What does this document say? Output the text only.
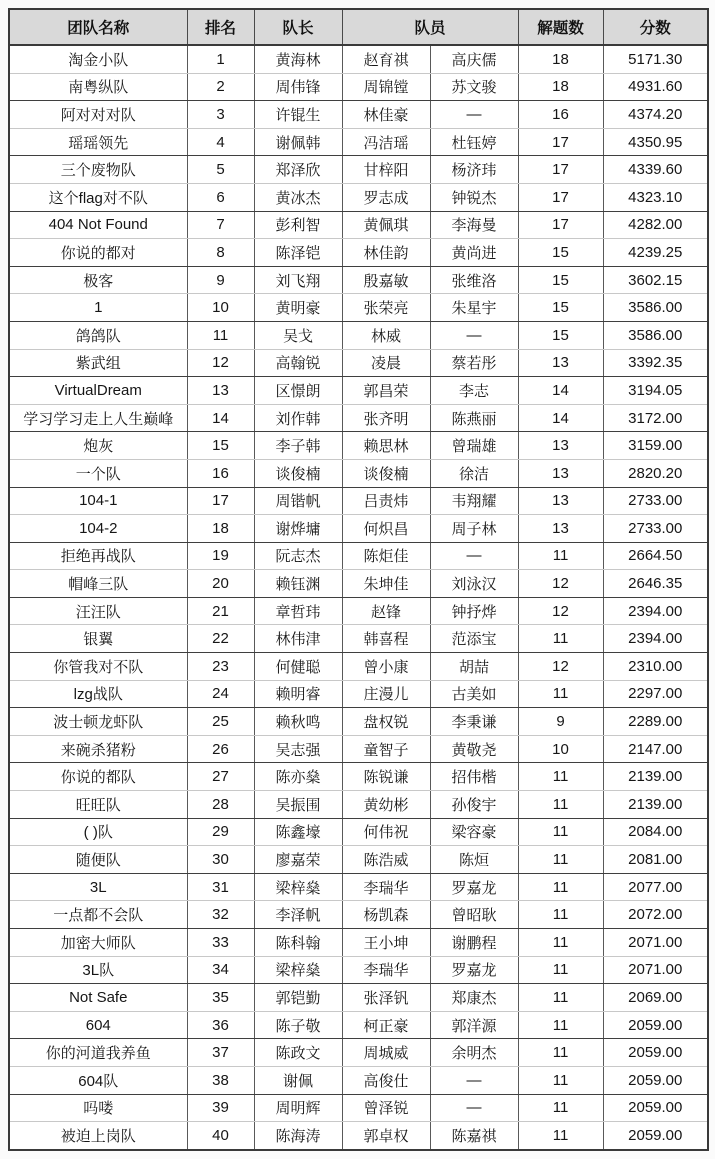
团队名称	排名	队长	队员		解题数	分数
淘金小队	1	黄海林	赵育祺	高庆儒	18	5171.30
南粤纵队	2	周伟锋	周锦镗	苏文骏	18	4931.60
阿对对对队	3	许锟生	林佳豪	—	16	4374.20
瑶瑶领先	4	谢佩韩	冯洁瑶	杜钰婷	17	4350.95
三个废物队	5	郑泽欣	甘梓阳	杨济玮	17	4339.60
这个flag对不队	6	黄冰杰	罗志成	钟锐杰	17	4323.10
404 Not Found	7	彭利智	黄佩琪	李海曼	17	4282.00
你说的都对	8	陈泽铠	林佳韵	黄尚进	15	4239.25
极客	9	刘飞翔	殷嘉敏	张维洛	15	3602.15
1	10	黄明豪	张荣亮	朱星宇	15	3586.00
鸽鸽队	11	吴戈	林威	—	15	3586.00
紫武组	12	高翰锐	凌晨	蔡若彤	13	3392.35
VirtualDream	13	区憬朗	郭昌荣	李志	14	3194.05
学习学习走上人生巅峰	14	刘作韩	张齐明	陈燕丽	14	3172.00
炮灰	15	李子韩	赖思林	曾瑞雄	13	3159.00
一个队	16	谈俊楠	谈俊楠	徐洁	13	2820.20
104-1	17	周锴帆	吕责炜	韦翔耀	13	2733.00
104-2	18	谢烨墉	何炽昌	周子林	13	2733.00
拒绝再战队	19	阮志杰	陈炬佳	—	11	2664.50
帽峰三队	20	赖钰渊	朱坤佳	刘泳汉	12	2646.35
汪汪队	21	章哲玮	赵锋	钟抒烨	12	2394.00
银翼	22	林伟津	韩喜程	范添宝	11	2394.00
你管我对不队	23	何健聪	曾小康	胡喆	12	2310.00
lzg战队	24	赖明睿	庄漫儿	古美如	11	2297.00
波士顿龙虾队	25	赖秋鸣	盘权锐	李秉谦	9	2289.00
来碗杀猪粉	26	吴志强	童智子	黄敬尧	10	2147.00
你说的都队	27	陈亦燊	陈锐谦	招伟楷	11	2139.00
旺旺队	28	吴振围	黄幼彬	孙俊宇	11	2139.00
( )队	29	陈鑫壕	何伟祝	梁容豪	11	2084.00
随便队	30	廖嘉荣	陈浩威	陈烜	11	2081.00
3L	31	梁梓燊	李瑞华	罗嘉龙	11	2077.00
一点都不会队	32	李泽帆	杨凯森	曾昭耿	11	2072.00
加密大师队	33	陈科翰	王小坤	谢鹏程	11	2071.00
3L队	34	梁梓燊	李瑞华	罗嘉龙	11	2071.00
Not Safe	35	郭铠勤	张泽钒	郑康杰	11	2069.00
604	36	陈子敬	柯正豪	郭洋源	11	2059.00
你的河道我养鱼	37	陈政文	周城威	余明杰	11	2059.00
604队	38	谢佩	高俊仕	—	11	2059.00
吗喽	39	周明辉	曾泽锐	—	11	2059.00
被迫上岗队	40	陈海涛	郭卓权	陈嘉祺	11	2059.00
